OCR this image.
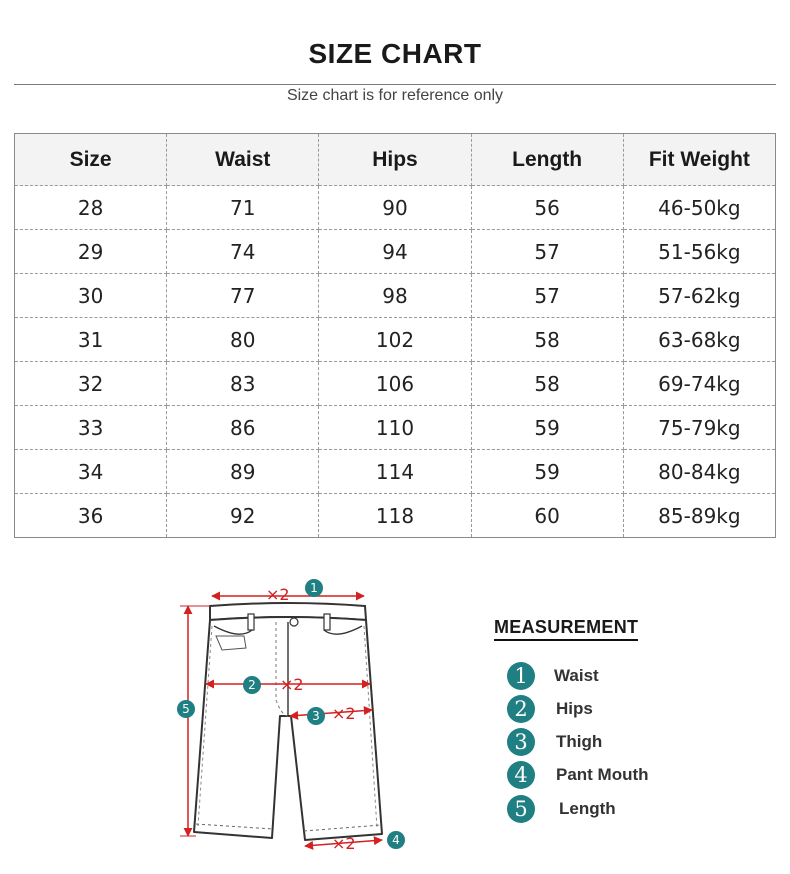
SIZE CHART
Size chart is for reference only
Size	Waist	Hips	Length	Fit Weight
28	71	90	56	46-50kg
29	74	94	57	51-56kg
30	77	98	57	57-62kg
31	80	102	58	63-68kg
32	83	106	58	69-74kg
33	86	110	59	75-79kg
34	89	114	59	80-84kg
36	92	118	60	85-89kg
×2
×2
×2
×2
1
2
3
4
5
MEASUREMENT
1	Waist
2	Hips
3	Thigh
4	Pant Mouth
5	Length
